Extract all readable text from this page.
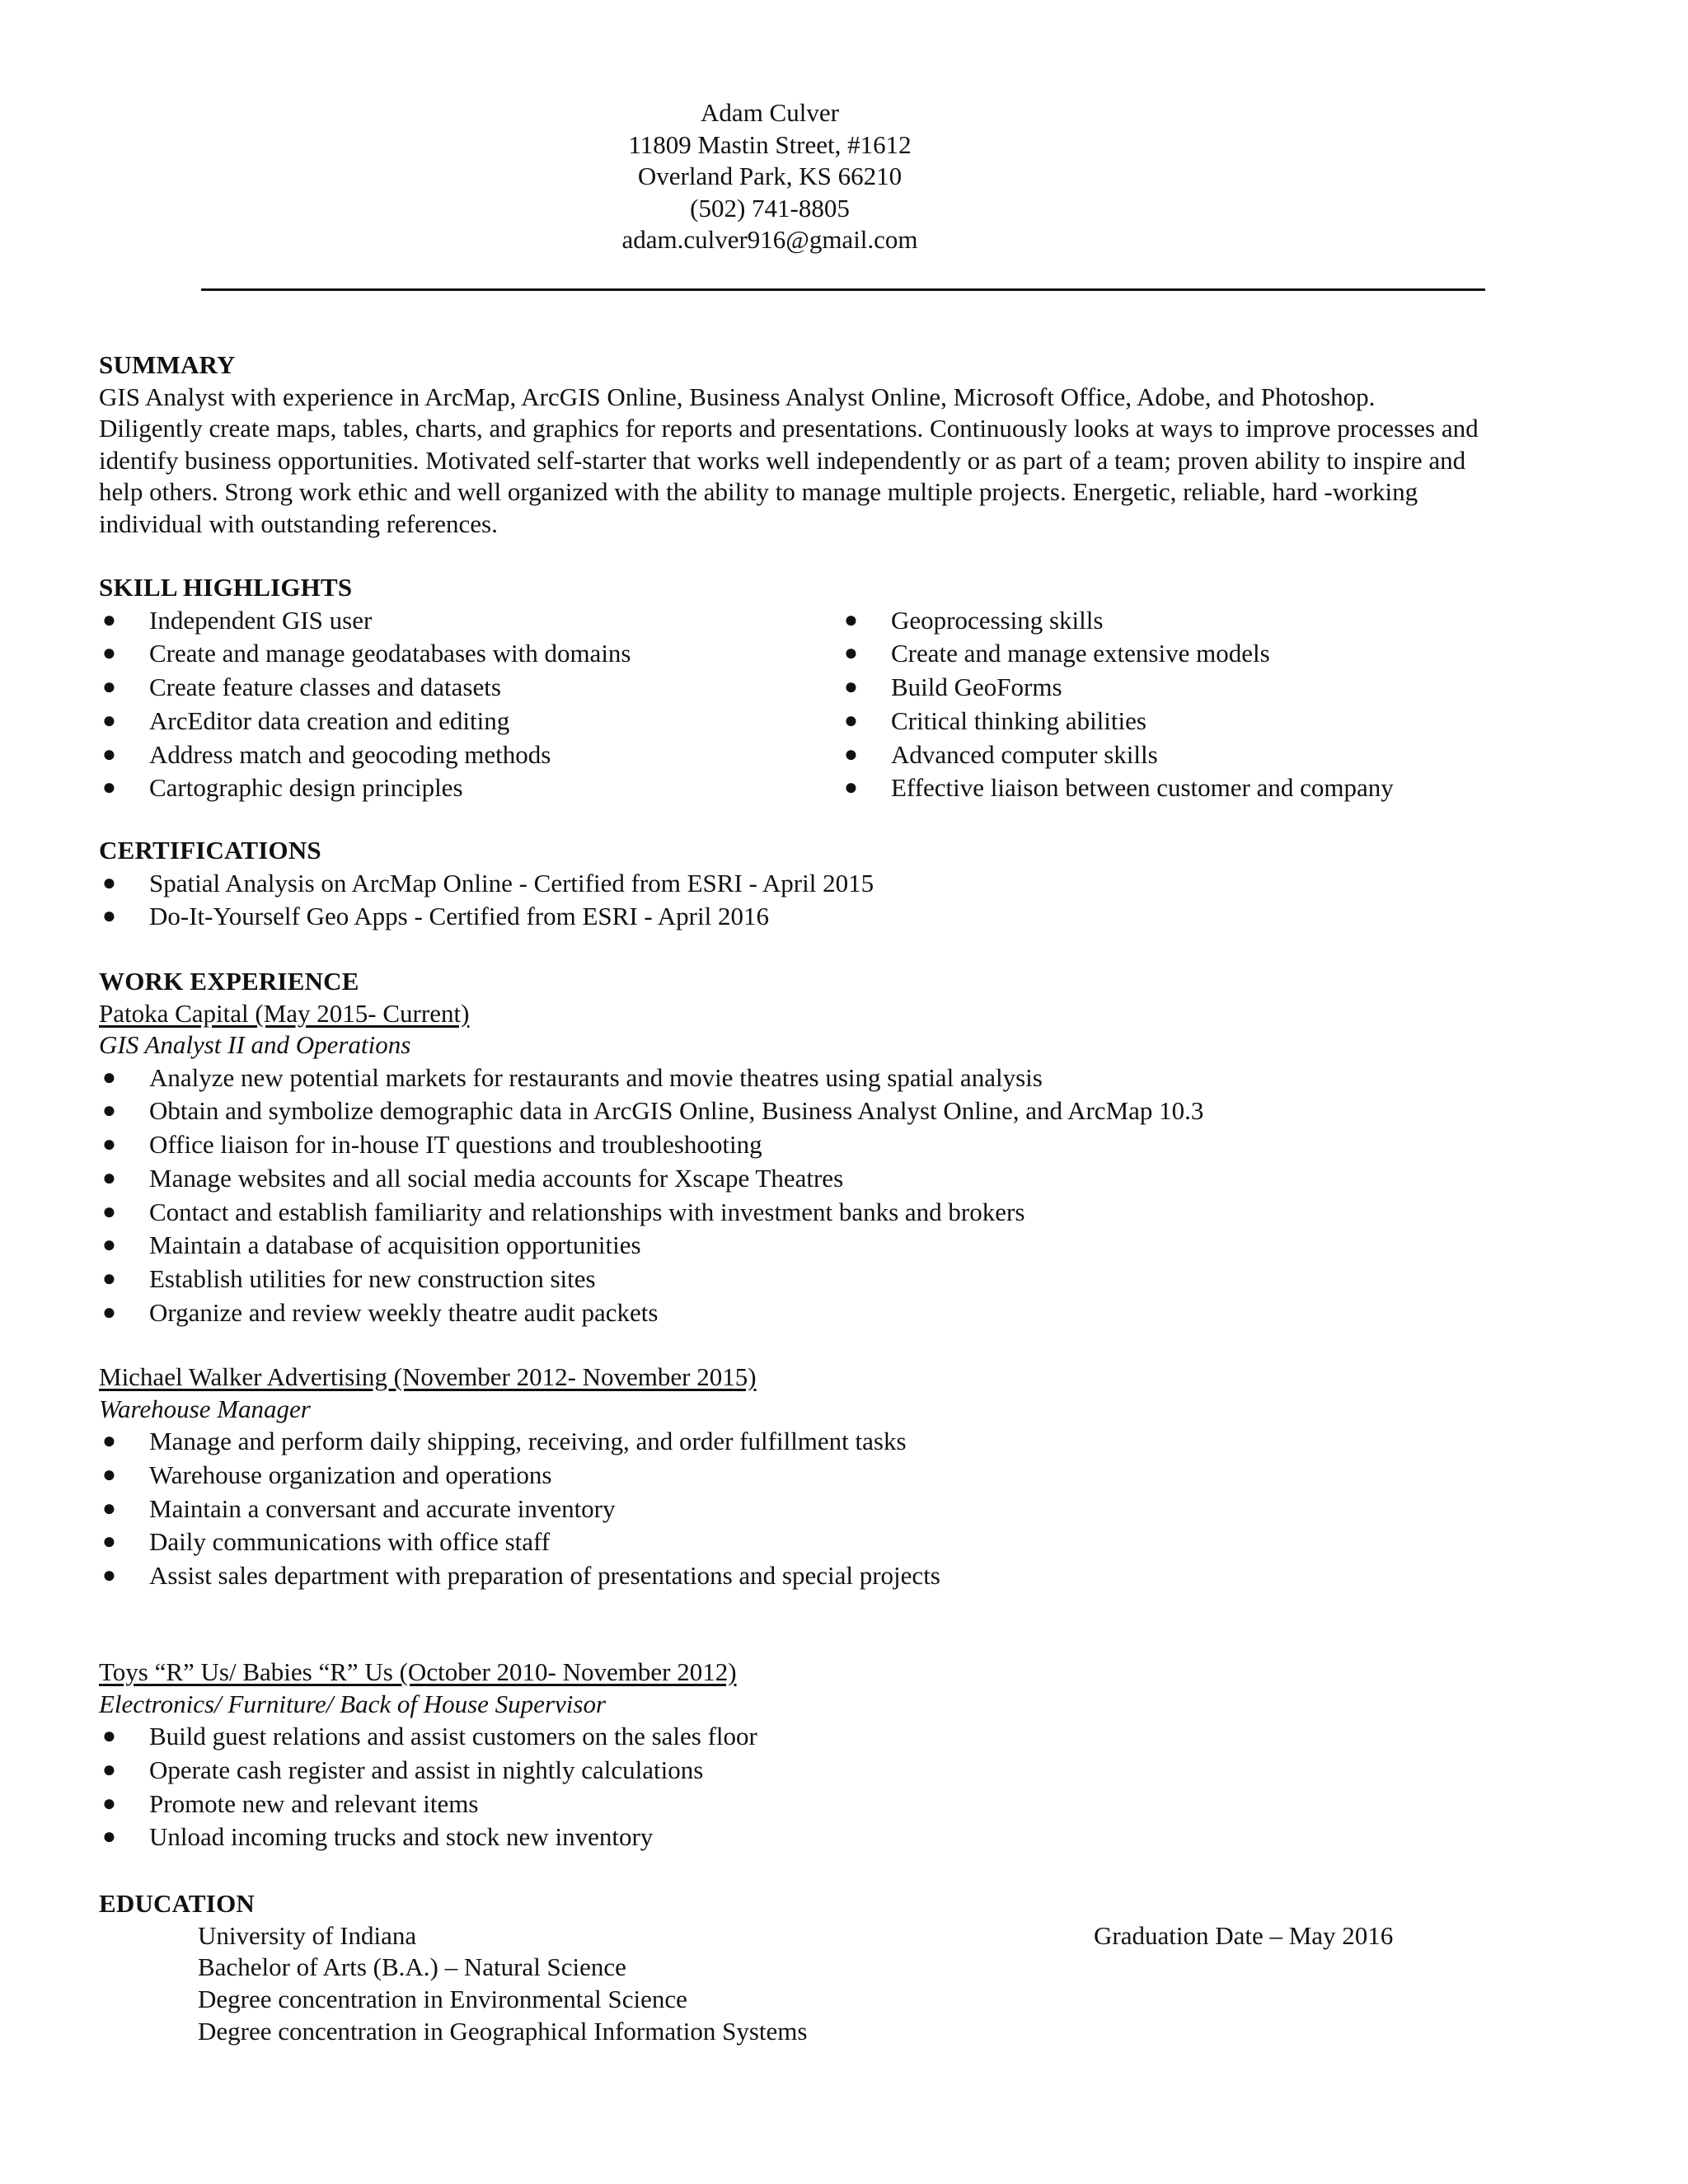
Adam Culver
11809 Mastin Street, #1612
Overland Park, KS 66210
(502) 741-8805
adam.culver916@gmail.com
SUMMARY
GIS Analyst with experience in ArcMap, ArcGIS Online, Business Analyst Online, Microsoft Office, Adobe, and Photoshop.
Diligently create maps, tables, charts, and graphics for reports and presentations. Continuously looks at ways to improve processes and
identify business opportunities. Motivated self-starter that works well independently or as part of a team; proven ability to inspire and
help others. Strong work ethic and well organized with the ability to manage multiple projects. Energetic, reliable, hard -working
individual with outstanding references.
SKILL HIGHLIGHTS
● Independent GIS user
● Create and manage geodatabases with domains
● Create feature classes and datasets
● ArcEditor data creation and editing
● Address match and geocoding methods
● Cartographic design principles
● Geoprocessing skills
● Create and manage extensive models
● Build GeoForms
● Critical thinking abilities
● Advanced computer skills
● Effective liaison between customer and company
CERTIFICATIONS
● Spatial Analysis on ArcMap Online - Certified from ESRI - April 2015
● Do-It-Yourself Geo Apps - Certified from ESRI - April 2016
WORK EXPERIENCE
Patoka Capital (May 2015- Current)
GIS Analyst II and Operations
● Analyze new potential markets for restaurants and movie theatres using spatial analysis
● Obtain and symbolize demographic data in ArcGIS Online, Business Analyst Online, and ArcMap 10.3
● Office liaison for in-house IT questions and troubleshooting
● Manage websites and all social media accounts for Xscape Theatres
● Contact and establish familiarity and relationships with investment banks and brokers
● Maintain a database of acquisition opportunities
● Establish utilities for new construction sites
● Organize and review weekly theatre audit packets
Michael Walker Advertising (November 2012- November 2015)
Warehouse Manager
● Manage and perform daily shipping, receiving, and order fulfillment tasks
● Warehouse organization and operations
● Maintain a conversant and accurate inventory
● Daily communications with office staff
● Assist sales department with preparation of presentations and special projects
Toys “R” Us/ Babies “R” Us (October 2010- November 2012)
Electronics/ Furniture/ Back of House Supervisor
● Build guest relations and assist customers on the sales floor
● Operate cash register and assist in nightly calculations
● Promote new and relevant items
● Unload incoming trucks and stock new inventory
EDUCATION
University of Indiana	Graduation Date – May 2016
Bachelor of Arts (B.A.) – Natural Science
Degree concentration in Environmental Science
Degree concentration in Geographical Information Systems
